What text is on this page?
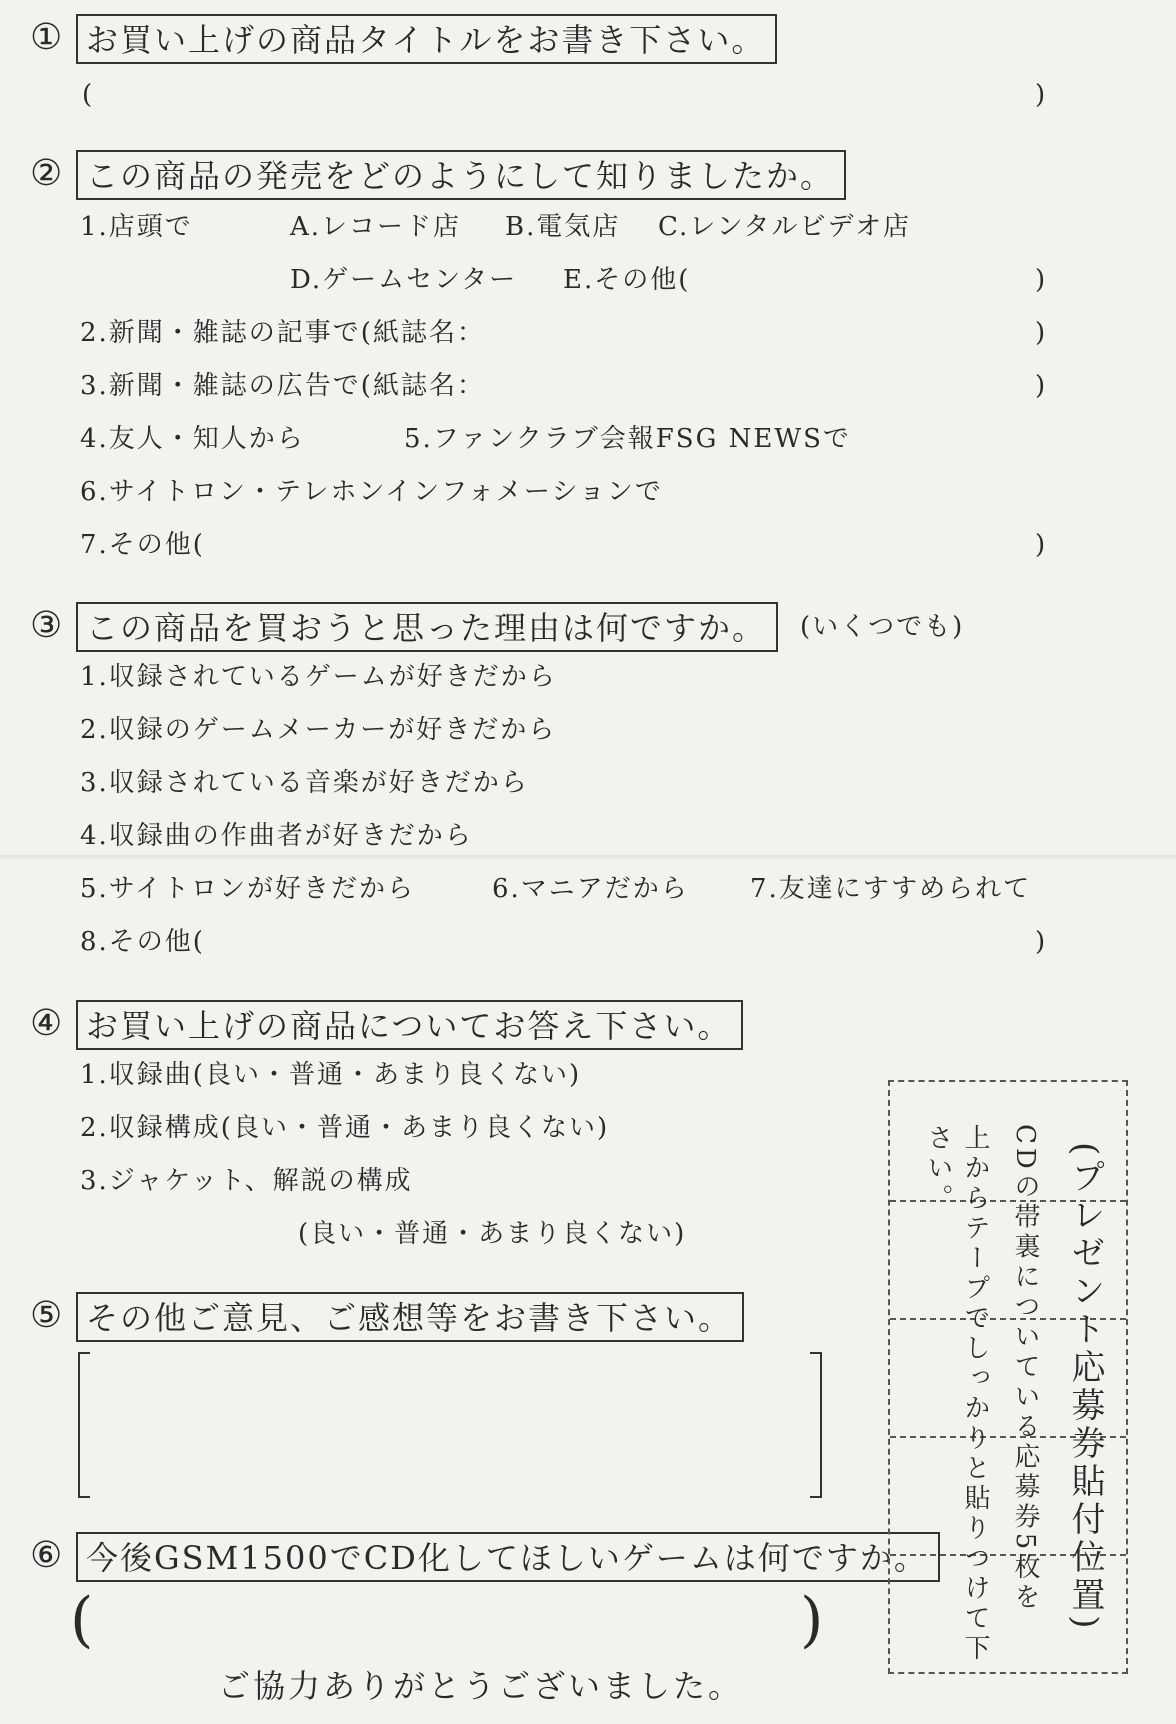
① お買い上げの商品タイトルをお書き下さい。
(	)
② この商品の発売をどのようにして知りましたか。
1.店頭で	A.レコード店 B.電気店 C.レンタルビデオ店
D.ゲームセンター E.その他(	)
2.新聞・雑誌の記事で(紙誌名：	)
3.新聞・雑誌の広告で(紙誌名：	)
4.友人・知人から	5.ファンクラブ会報FSG NEWSで
6.サイトロン・テレホンインフォメーションで
7.その他(	)
③ この商品を買おうと思った理由は何ですか。	(いくつでも)
1.収録されているゲームが好きだから
2.収録のゲームメーカーが好きだから
3.収録されている音楽が好きだから
4.収録曲の作曲者が好きだから
5.サイトロンが好きだから	6.マニアだから 7.友達にすすめられて
8.その他(	)
④ お買い上げの商品についてお答え下さい。
1.収録曲(良い・普通・あまり良くない)
2.収録構成(良い・普通・あまり良くない)
3.ジャケット、解説の構成
(良い・普通・あまり良くない)
⑤ その他ご意見、ご感想等をお書き下さい。
⑥ 今後GSM1500でCD化してほしいゲームは何ですか。
(	)
ご協力ありがとうございました。
(プレゼント応募券貼付位置)
CDの帯裏についている応募券5枚を
上からテープでしっかりと貼りつけて下さい。
